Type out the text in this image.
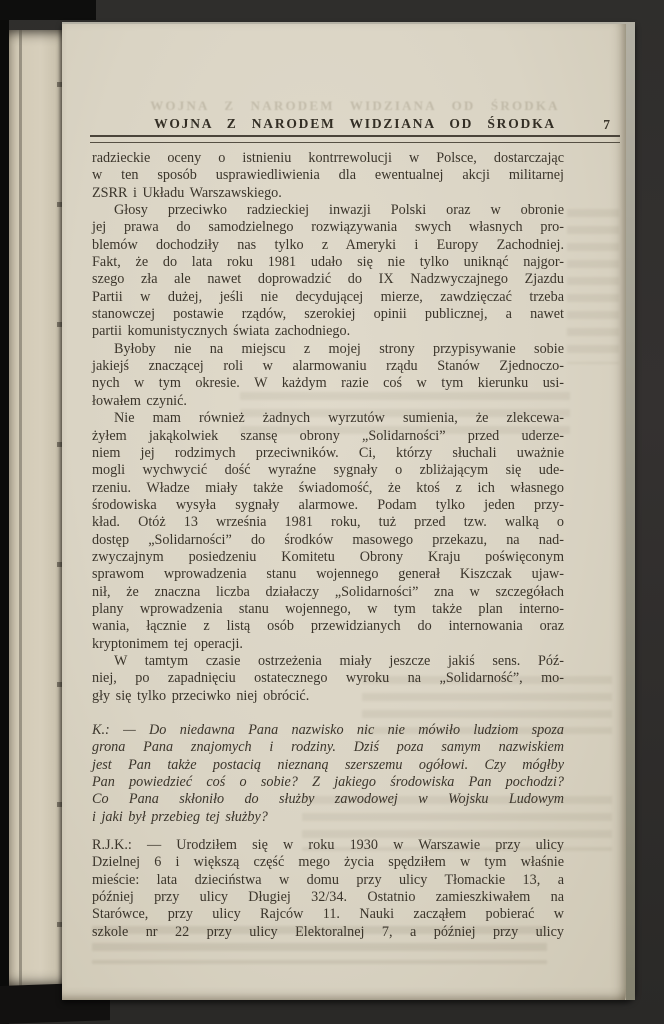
WOJNA Z NARODEM WIDZIANA OD ŚRODKA
WOJNA Z NARODEM WIDZIANA OD ŚRODKA	7

radzieckie oceny o istnieniu kontrrewolucji w Polsce, dostarczając
w ten sposób usprawiedliwienia dla ewentualnej akcji militarnej
ZSRR i Układu Warszawskiego.

Głosy przeciwko radzieckiej inwazji Polski oraz w obronie
jej prawa do samodzielnego rozwiązywania swych własnych pro-
blemów dochodziły nas tylko z Ameryki i Europy Zachodniej.
Fakt, że do lata roku 1981 udało się nie tylko uniknąć najgor-
szego zła ale nawet doprowadzić do IX Nadzwyczajnego Zjazdu
Partii w dużej, jeśli nie decydującej mierze, zawdzięczać trzeba
stanowczej postawie rządów, szerokiej opinii publicznej, a nawet
partii komunistycznych świata zachodniego.

Byłoby nie na miejscu z mojej strony przypisywanie sobie
jakiejś znaczącej roli w alarmowaniu rządu Stanów Zjednoczo-
nych w tym okresie. W każdym razie coś w tym kierunku usi-
łowałem czynić.

Nie mam również żadnych wyrzutów sumienia, że zlekcewa-
żyłem jakąkolwiek szansę obrony „Solidarności” przed uderze-
niem jej rodzimych przeciwników. Ci, którzy słuchali uważnie
mogli wychwycić dość wyraźne sygnały o zbliżającym się ude-
rzeniu. Władze miały także świadomość, że ktoś z ich własnego
środowiska wysyła sygnały alarmowe. Podam tylko jeden przy-
kład. Otóż 13 września 1981 roku, tuż przed tzw. walką o
dostęp „Solidarności” do środków masowego przekazu, na nad-
zwyczajnym posiedzeniu Komitetu Obrony Kraju poświęconym
sprawom wprowadzenia stanu wojennego generał Kiszczak ujaw-
nił, że znaczna liczba działaczy „Solidarności” zna w szczegółach
plany wprowadzenia stanu wojennego, w tym także plan interno-
wania, łącznie z listą osób przewidzianych do internowania oraz
kryptonimem tej operacji.

W tamtym czasie ostrzeżenia miały jeszcze jakiś sens. Póź-
niej, po zapadnięciu ostatecznego wyroku na „Solidarność”, mo-
gły się tylko przeciwko niej obrócić.

K.: — Do niedawna Pana nazwisko nic nie mówiło ludziom spoza
grona Pana znajomych i rodziny. Dziś poza samym nazwiskiem
jest Pan także postacią nieznaną szerszemu ogółowi. Czy mógłby
Pan powiedzieć coś o sobie? Z jakiego środowiska Pan pochodzi?
Co Pana skłoniło do służby zawodowej w Wojsku Ludowym
i jaki był przebieg tej służby?

R.J.K.: — Urodziłem się w roku 1930 w Warszawie przy ulicy
Dzielnej 6 i większą część mego życia spędziłem w tym właśnie
mieście: lata dzieciństwa w domu przy ulicy Tłomackie 13, a
później przy ulicy Długiej 32/34. Ostatnio zamieszkiwałem na
Starówce, przy ulicy Rajców 11. Nauki zacząłem pobierać w
szkole nr 22 przy ulicy Elektoralnej 7, a później przy ulicy
